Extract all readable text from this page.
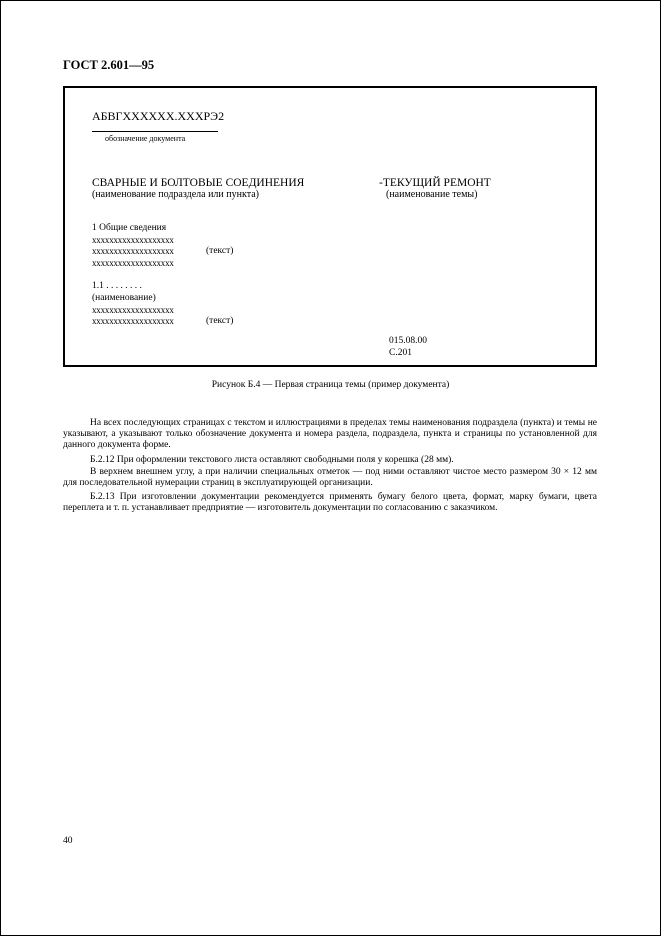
ГОСТ 2.601—95
АБВГХХХХХХ.ХХХРЭ2
обозначение документа
СВАРНЫЕ И БОЛТОВЫЕ СОЕДИНЕНИЯ
(наименование подраздела или пункта)
-ТЕКУЩИЙ РЕМОНТ
(наименование темы)
1 Общие сведения
ххххххххххххххххххх
ххххххххххххххххххх	(текст)
ххххххххххххххххххх
1.1 . . . . . . . .
(наименование)
ххххххххххххххххххх
ххххххххххххххххххх	(текст)
015.08.00
С.201
Рисунок Б.4 — Первая страница темы (пример документа)
На всех последующих страницах с текстом и иллюстрациями в пределах темы наименования подраздела (пункта) и темы не указывают, а указывают только обозначение документа и номера раздела, подраздела, пункта и страницы по установленной для данного документа форме.
Б.2.12 При оформлении текстового листа оставляют свободными поля у корешка (28 мм).
В верхнем внешнем углу, а при наличии специальных отметок — под ними оставляют чистое место размером 30 × 12 мм для последовательной нумерации страниц в эксплуатирующей организации.
Б.2.13 При изготовлении документации рекомендуется применять бумагу белого цвета, формат, марку бумаги, цвета переплета и т. п. устанавливает предприятие — изготовитель документации по согласованию с заказчиком.
40
